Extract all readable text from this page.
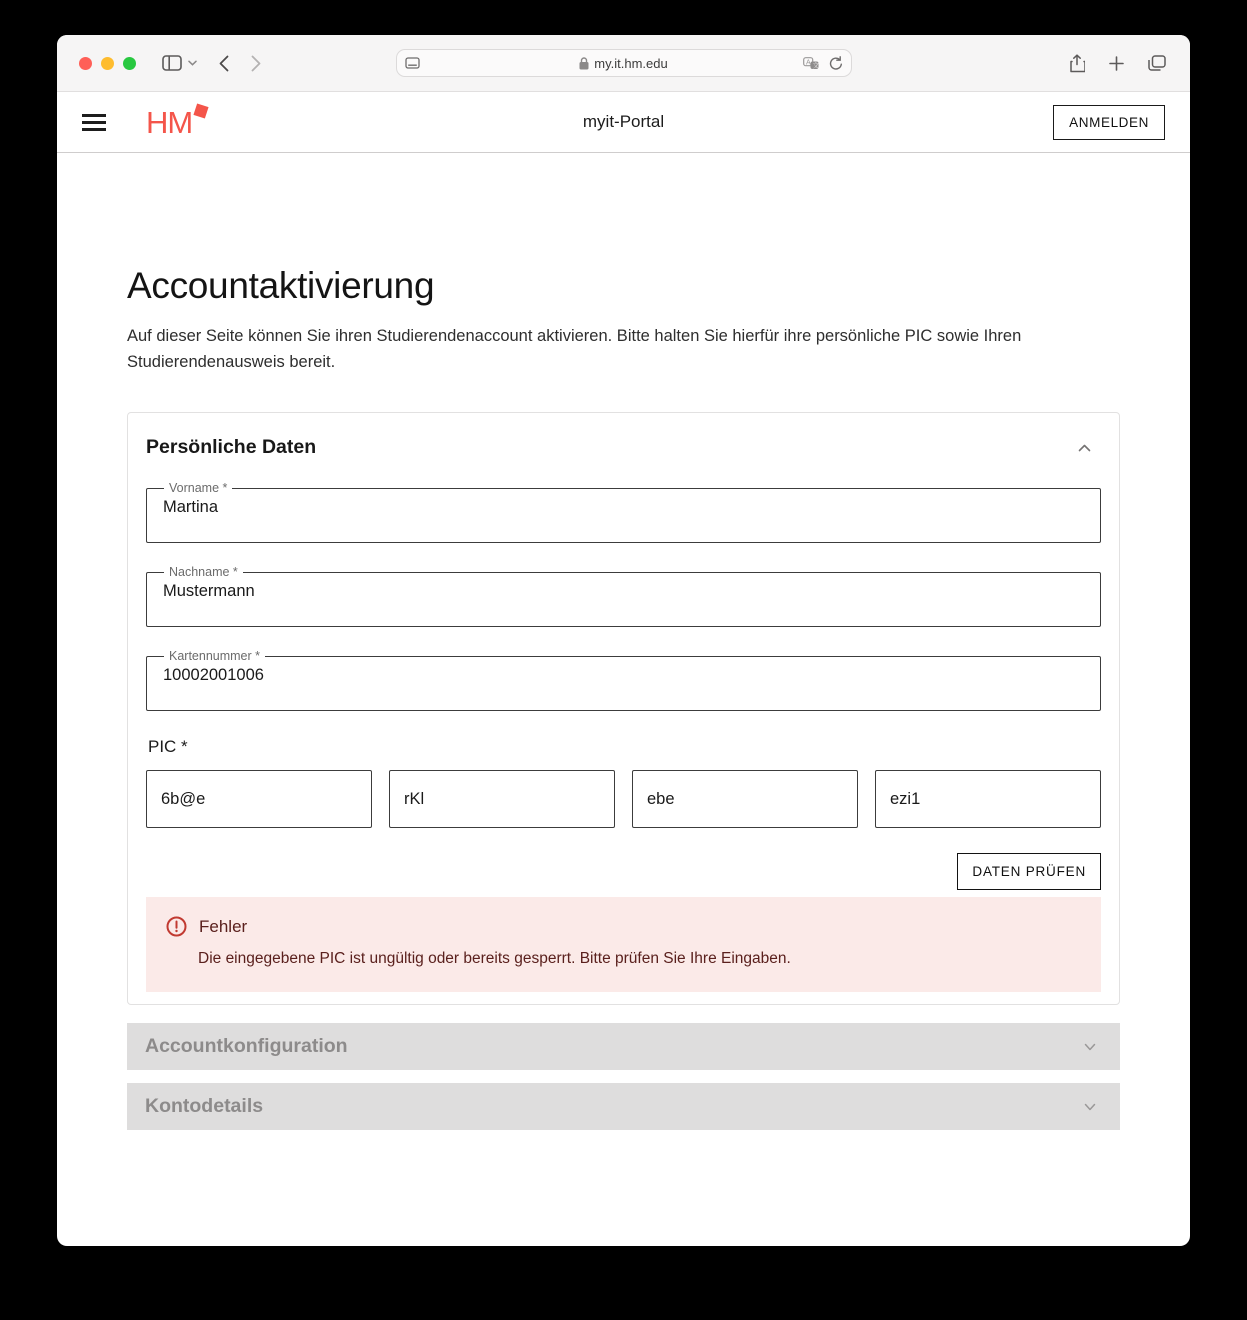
my.it.hm.edu	A 文
HM	myit-Portal	ANMELDEN
Accountaktivierung

Auf dieser Seite können Sie ihren Studierendenaccount aktivieren. Bitte halten Sie hierfür ihre persönliche PIC sowie Ihren Studierendenausweis bereit.

Persönliche Daten
Vorname *
Martina
Nachname *
Mustermann
Kartennummer *
10002001006
PIC *
6b@e
rKl
ebe
ezi1
DATEN PRÜFEN
Fehler
Die eingegebene PIC ist ungültig oder bereits gesperrt. Bitte prüfen Sie Ihre Eingaben.
Accountkonfiguration
Kontodetails
